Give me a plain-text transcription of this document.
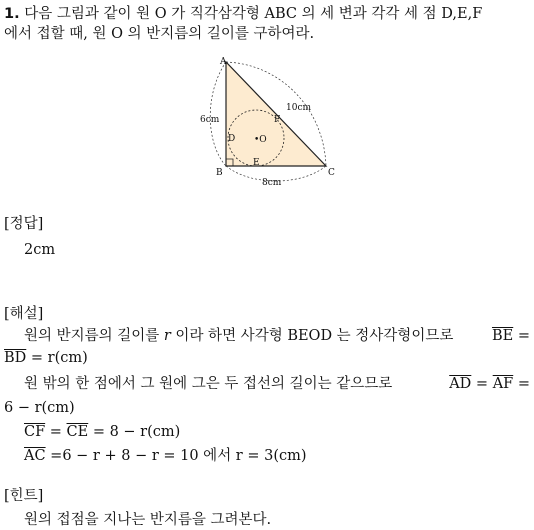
1. 다음 그림과 같이 원 O 가 직각삼각형 ABC 의 세 변과 각각 세 점 D,E,F
에서 접할 때, 원 O 의 반지름의 길이를 구하여라.
A
B	C
D
E
F
•O
6cm
8cm
10cm
[정답]
2cm
[해설]
원의 반지름의 길이를 r 이라 하면 사각형 BEOD 는 정사각형이므로	$\overline{BE}$ =
$\overline{BD} = r(cm)$
원 밖의 한 점에서 그 원에 그은 두 접선의 길이는 같으므로	$\overline{AD} = \overline{AF}$ =
6 − r(cm)
$\overline{CF} = \overline{CE} = 8 - r(cm)$
$\overline{AC} =6 - r + 8 - r = 10$ 에서 r = 3(cm)
[힌트]
원의 접점을 지나는 반지름을 그려본다.
